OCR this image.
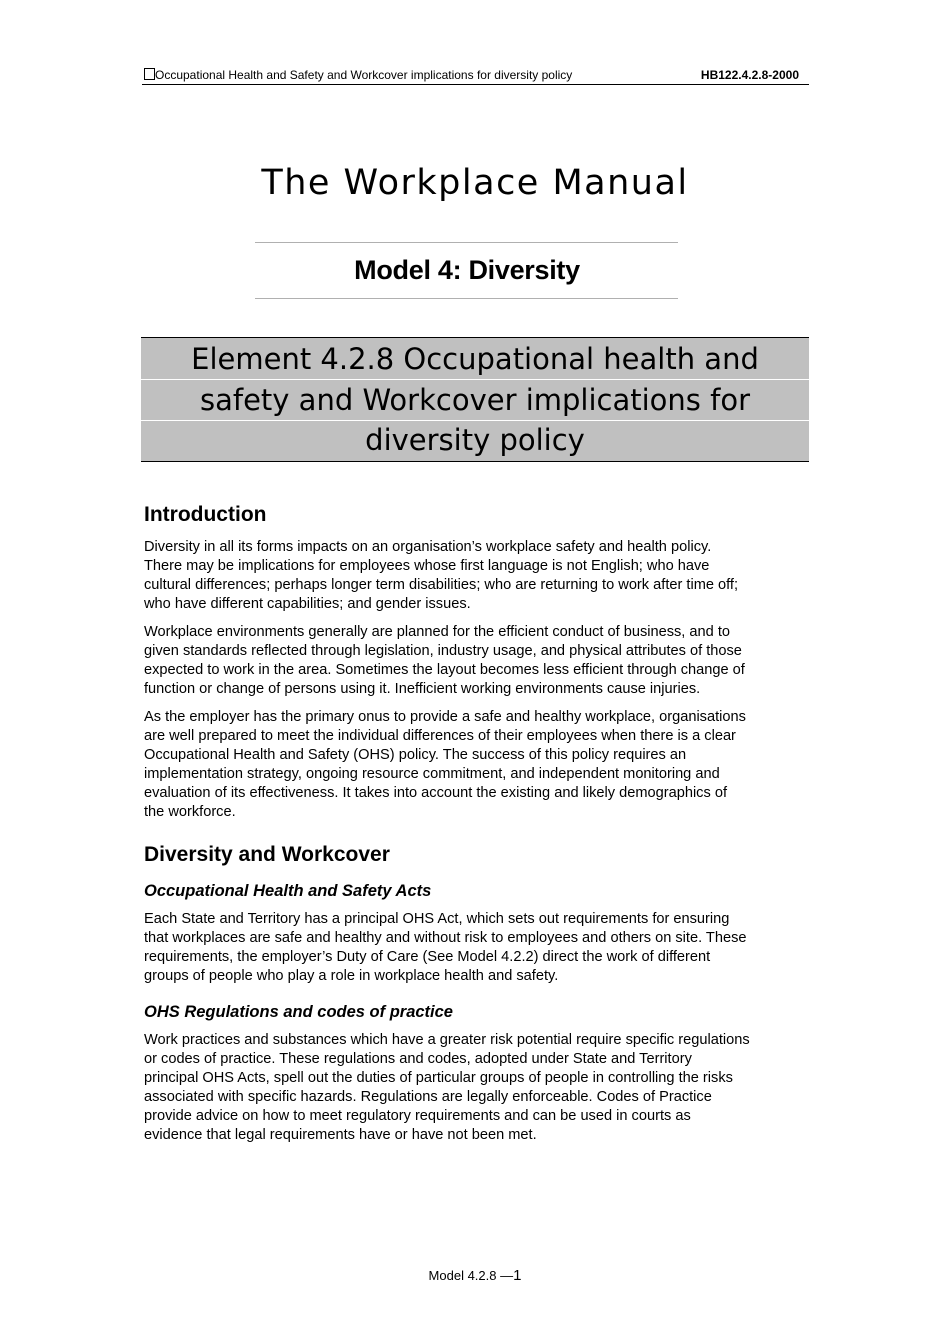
Occupational Health and Safety and Workcover implications for diversity policy	HB122.4.2.8-2000
The Workplace Manual
Model 4: Diversity
Element 4.2.8 Occupational health and
safety and Workcover implications for
diversity policy
Introduction

Diversity in all its forms impacts on an organisation’s workplace safety and health policy.
There may be implications for employees whose first language is not English; who have
cultural differences; perhaps longer term disabilities; who are returning to work after time off;
who have different capabilities; and gender issues.

Workplace environments generally are planned for the efficient conduct of business, and to
given standards reflected through legislation, industry usage, and physical attributes of those
expected to work in the area. Sometimes the layout becomes less efficient through change of
function or change of persons using it. Inefficient working environments cause injuries.

As the employer has the primary onus to provide a safe and healthy workplace, organisations
are well prepared to meet the individual differences of their employees when there is a clear
Occupational Health and Safety (OHS) policy. The success of this policy requires an
implementation strategy, ongoing resource commitment, and independent monitoring and
evaluation of its effectiveness. It takes into account the existing and likely demographics of
the workforce.

Diversity and Workcover
Occupational Health and Safety Acts

Each State and Territory has a principal OHS Act, which sets out requirements for ensuring
that workplaces are safe and healthy and without risk to employees and others on site. These
requirements, the employer’s Duty of Care (See Model 4.2.2) direct the work of different
groups of people who play a role in workplace health and safety.

OHS Regulations and codes of practice

Work practices and substances which have a greater risk potential require specific regulations
or codes of practice. These regulations and codes, adopted under State and Territory
principal OHS Acts, spell out the duties of particular groups of people in controlling the risks
associated with specific hazards. Regulations are legally enforceable. Codes of Practice
provide advice on how to meet regulatory requirements and can be used in courts as
evidence that legal requirements have or have not been met.

Model 4.2.8 —1
